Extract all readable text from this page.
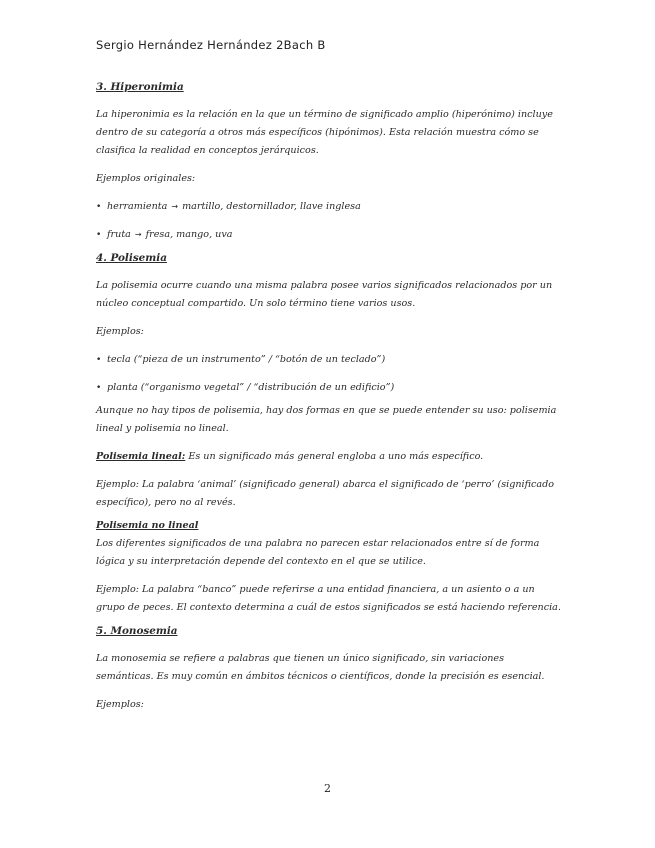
Sergio Hernández Hernández 2Bach B

3. Hiperonimia

La hiperonimia es la relación en la que un término de significado amplio (hiperónimo) incluye dentro de su categoría a otros más específicos (hipónimos). Esta relación muestra cómo se clasifica la realidad en conceptos jerárquicos.

Ejemplos originales:

• herramienta → martillo, destornillador, llave inglesa
• fruta → fresa, mango, uva

4. Polisemia

La polisemia ocurre cuando una misma palabra posee varios significados relacionados por un núcleo conceptual compartido. Un solo término tiene varios usos.

Ejemplos:

• tecla (“pieza de un instrumento” / “botón de un teclado”)
• planta (“organismo vegetal” / “distribución de un edificio”)

Aunque no hay tipos de polisemia, hay dos formas en que se puede entender su uso: polisemia lineal y polisemia no lineal.

Polisemia lineal: Es un significado más general engloba a uno más específico.

Ejemplo: La palabra ‘animal’ (significado general) abarca el significado de ‘perro’ (significado específico), pero no al revés.

Polisemia no lineal

Los diferentes significados de una palabra no parecen estar relacionados entre sí de forma lógica y su interpretación depende del contexto en el que se utilice.

Ejemplo: La palabra “banco” puede referirse a una entidad financiera, a un asiento o a un grupo de peces. El contexto determina a cuál de estos significados se está haciendo referencia.

5. Monosemia

La monosemia se refiere a palabras que tienen un único significado, sin variaciones semánticas. Es muy común en ámbitos técnicos o científicos, donde la precisión es esencial.

Ejemplos:

2
